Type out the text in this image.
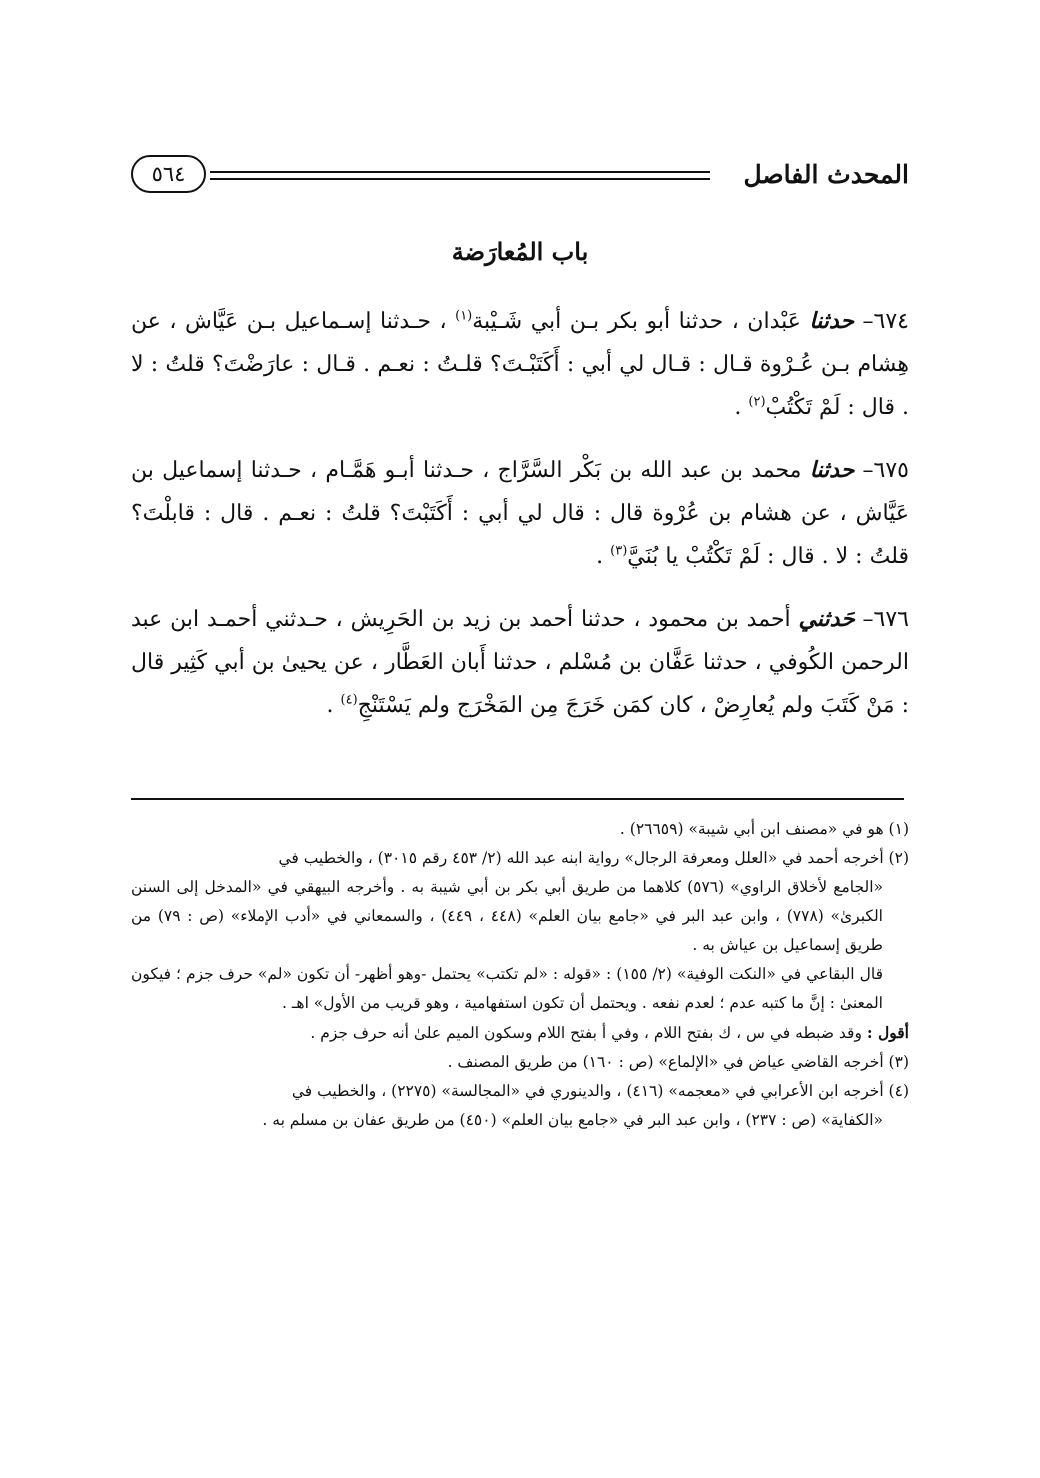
٥٦٤	المحدث الفاصل
باب المُعارَضة

٦٧٤– حدثنا عَبْدان ، حدثنا أبو بكر بـن أبي شَـيْبة$^{(١)}$ ، حـدثنا إسـماعيل بـن عَيَّاش ، عن هِشام بـن عُـرْوة قـال : قـال لي أبي : أَكَتَبْـتَ؟ قلـتُ : نعـم . قـال : عارَضْتَ؟ قلتُ : لا . قال : لَمْ تَكْتُبْ$^{(٢)}$ .

٦٧٥– حدثنا محمد بن عبد الله بن بَكْر السَّرَّاج ، حـدثنا أبـو هَمَّـام ، حـدثنا إسماعيل بن عَيَّاش ، عن هشام بن عُرْوة قال : قال لي أبي : أَكَتَبْتَ؟ قلتُ : نعـم . قال : قابلْتَ؟ قلتُ : لا . قال : لَمْ تَكْتُبْ يا بُنَيَّ$^{(٣)}$ .

٦٧٦– حَدثني أحمد بن محمود ، حدثنا أحمد بن زيد بن الحَرِيش ، حـدثني أحمـد ابن عبد الرحمن الكُوفي ، حدثنا عَفَّان بن مُسْلم ، حدثنا أَبان العَطَّار ، عن يحيىٰ بن أبي كَثِير قال : مَنْ كَتَبَ ولم يُعارِضْ ، كان كمَن خَرَجَ مِن المَخْرَج ولم يَسْتَنْجِ$^{(٤)}$ .

(١) هو في «مصنف ابن أبي شيبة» (٢٦٦٥٩) .

(٢) أخرجه أحمد في «العلل ومعرفة الرجال» رواية ابنه عبد الله (٢/ ٤٥٣ رقم ٣٠١٥) ، والخطيب في

«الجامع لأخلاق الراوي» (٥٧٦) كلاهما من طريق أبي بكر بن أبي شيبة به . وأخرجه البيهقي في «المدخل إلى السنن الكبرىٰ» (٧٧٨) ، وابن عبد البر في «جامع بيان العلم» (٤٤٨ ، ٤٤٩) ، والسمعاني في «أدب الإملاء» (ص : ٧٩) من طريق إسماعيل بن عياش به .

قال البقاعي في «النكت الوفية» (٢/ ١٥٥) : «قوله : «لم تكتب» يحتمل -وهو أظهر- أن تكون «لم» حرف جزم ؛ فيكون المعنىٰ : إنَّ ما كتبه عدم ؛ لعدم نفعه . ويحتمل أن تكون استفهامية ، وهو قريب من الأول» اهـ .

أقول : وقد ضبطه في س ، ك بفتح اللام ، وفي أ بفتح اللام وسكون الميم علىٰ أنه حرف جزم .

(٣) أخرجه القاضي عياض في «الإلماع» (ص : ١٦٠) من طريق المصنف .

(٤) أخرجه ابن الأعرابي في «معجمه» (٤١٦) ، والدينوري في «المجالسة» (٢٢٧٥) ، والخطيب في

«الكفاية» (ص : ٢٣٧) ، وابن عبد البر في «جامع بيان العلم» (٤٥٠) من طريق عفان بن مسلم به .
